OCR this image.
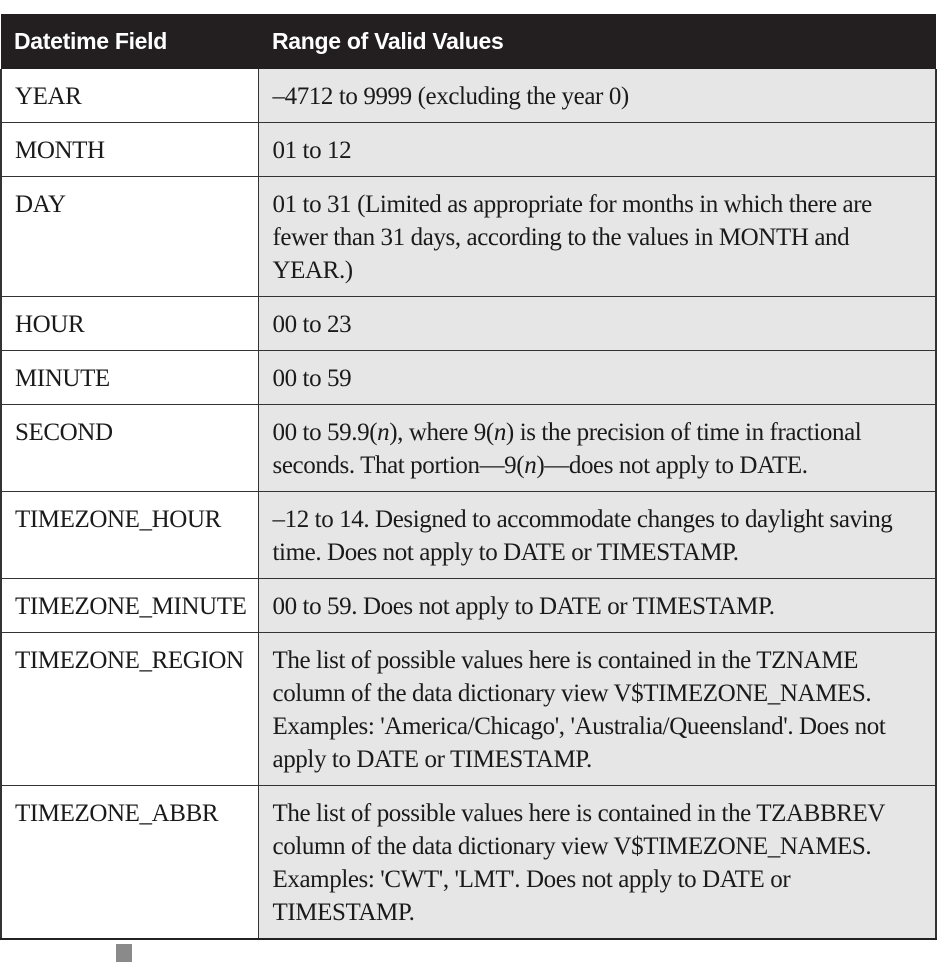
Datetime Field	Range of Valid Values
YEAR	–4712 to 9999 (excluding the year 0)
MONTH	01 to 12
DAY	01 to 31 (Limited as appropriate for months in which there are fewer than 31 days, according to the values in MONTH and YEAR.)
HOUR	00 to 23
MINUTE	00 to 59
SECOND	00 to 59.9(n), where 9(n) is the precision of time in fractional seconds. That portion—9(n)—does not apply to DATE.
TIMEZONE_HOUR	–12 to 14. Designed to accommodate changes to daylight saving time. Does not apply to DATE or TIMESTAMP.
TIMEZONE_MINUTE	00 to 59. Does not apply to DATE or TIMESTAMP.
TIMEZONE_REGION	The list of possible values here is contained in the TZNAME column of the data dictionary view V$TIMEZONE_NAMES. Examples: 'America/Chicago', 'Australia/Queensland'. Does not apply to DATE or TIMESTAMP.
TIMEZONE_ABBR	The list of possible values here is contained in the TZABBREV column of the data dictionary view V$TIMEZONE_NAMES. Examples: 'CWT', 'LMT'. Does not apply to DATE or TIMESTAMP.
